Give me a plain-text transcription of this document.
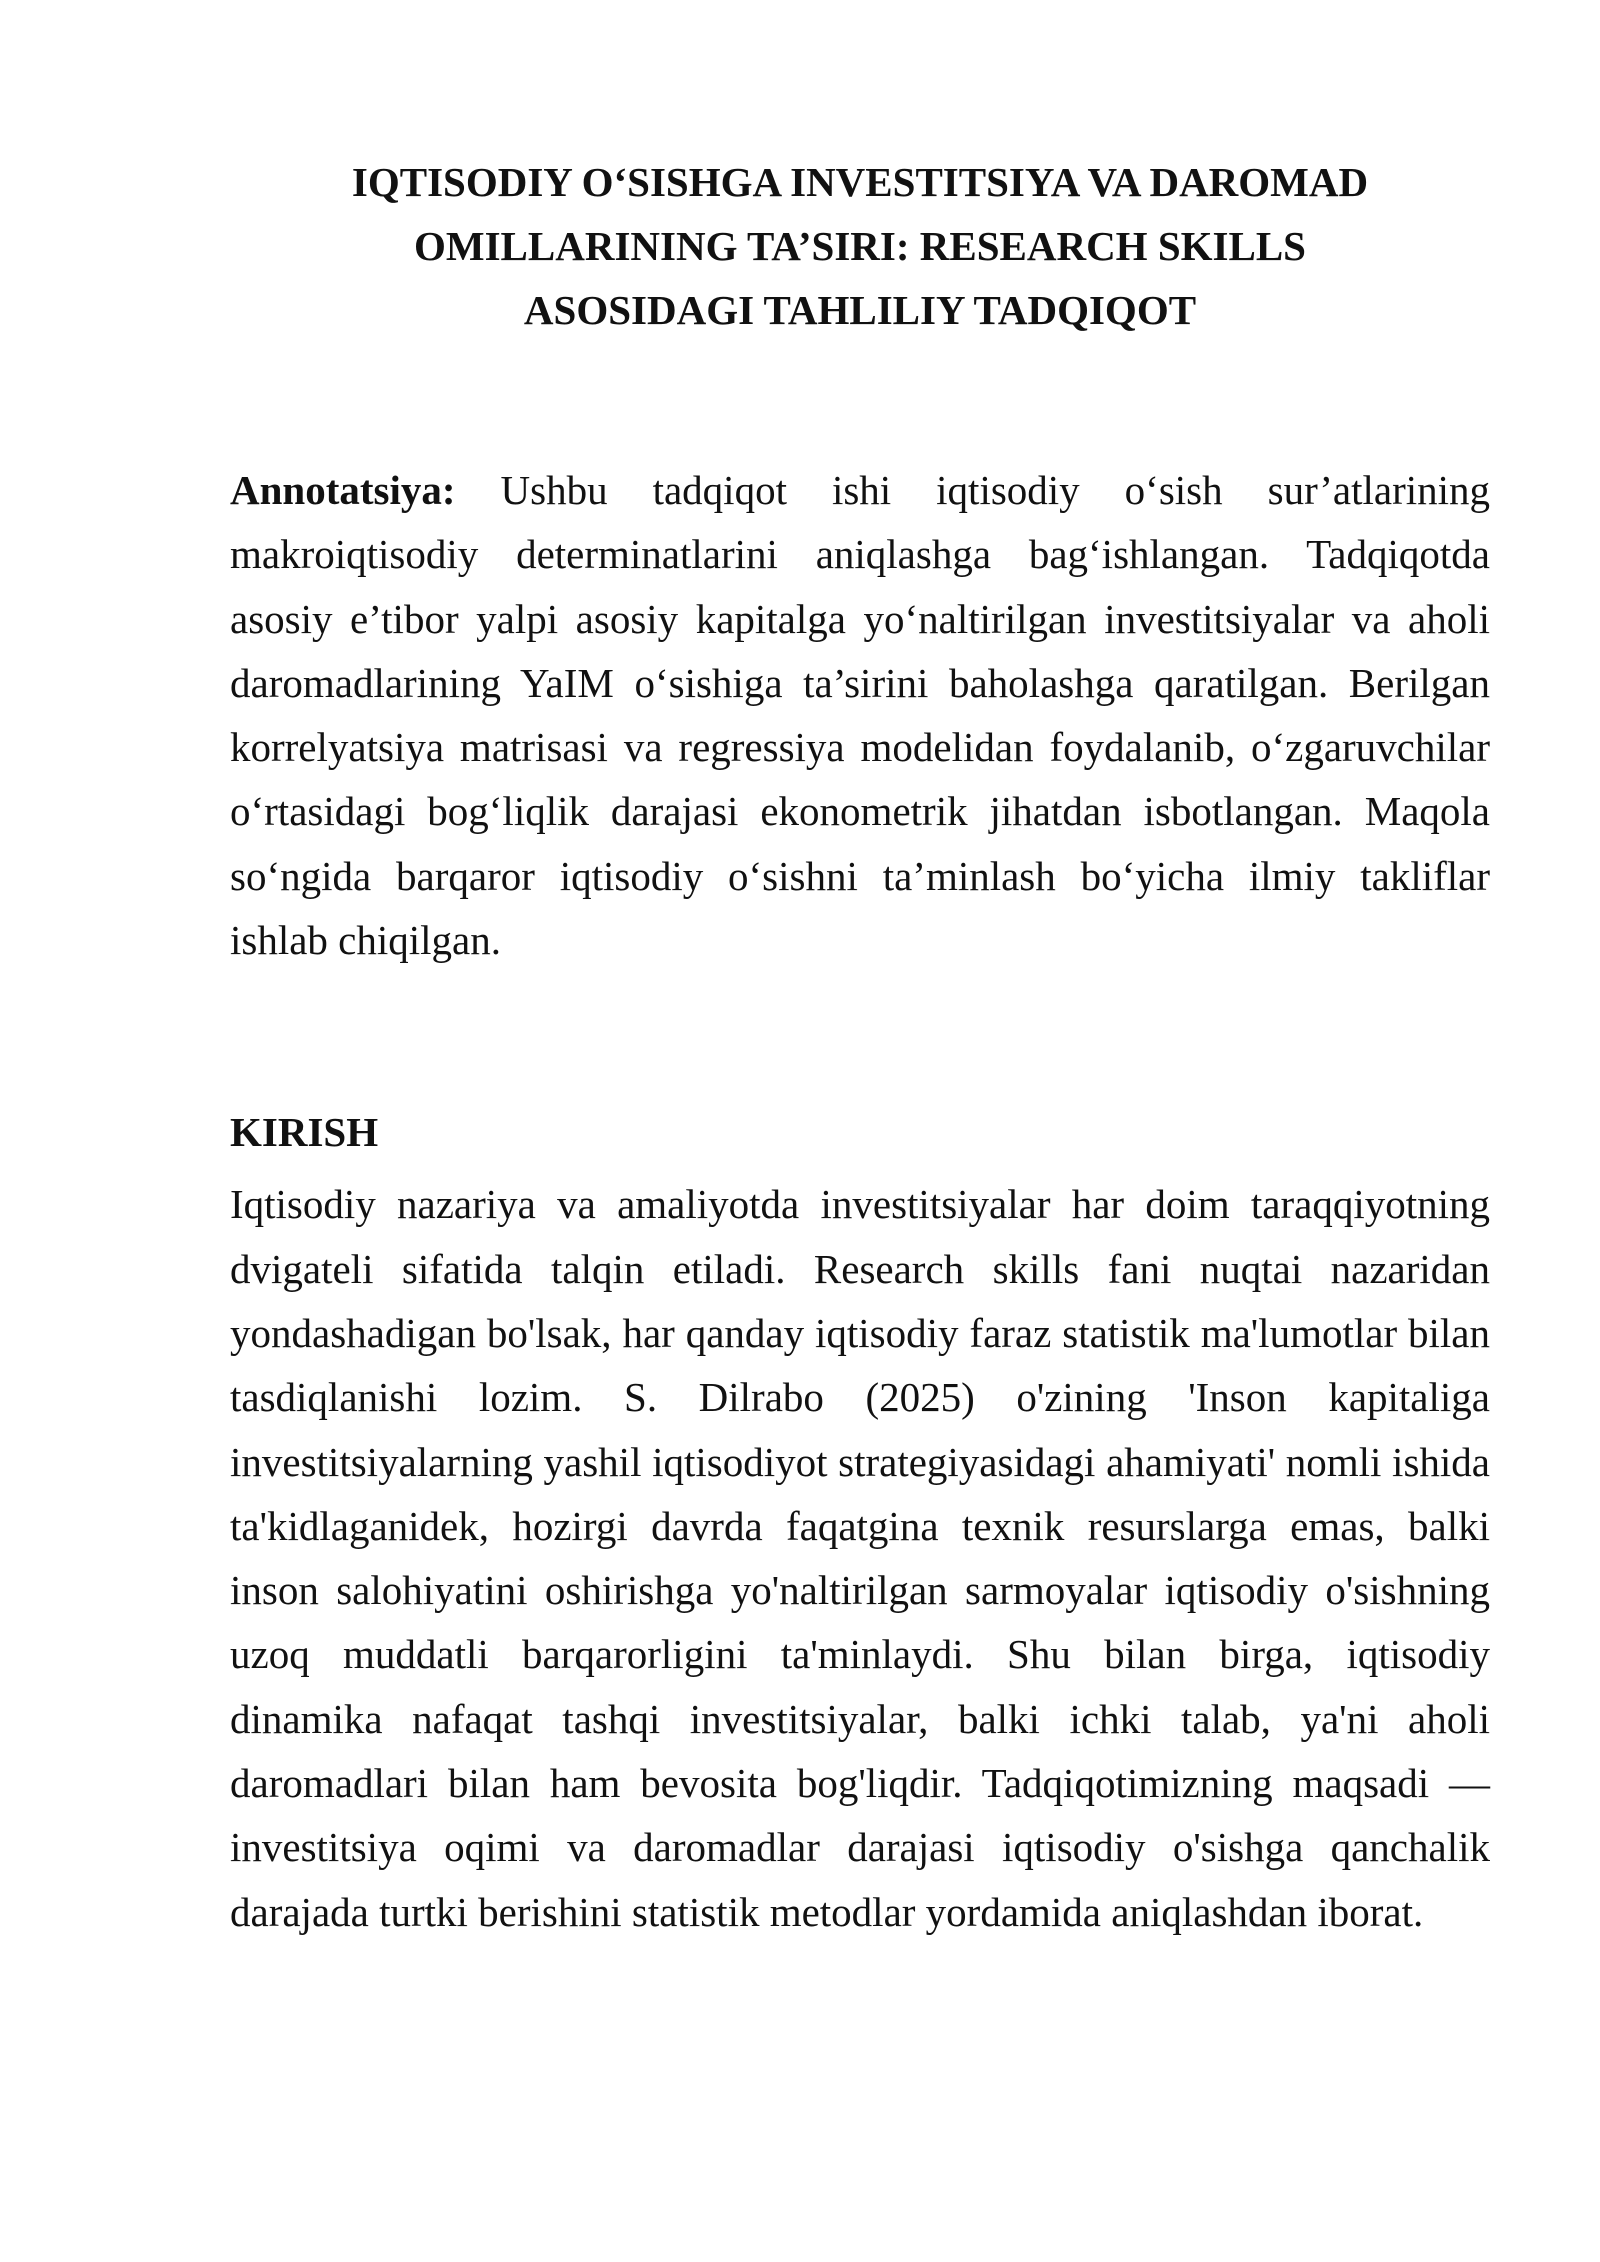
IQTISODIY O‘SISHGA INVESTITSIYA VA DAROMAD
OMILLARINING TA’SIRI: RESEARCH SKILLS
ASOSIDAGI TAHLILIY TADQIQOT

Annotatsiya: Ushbu tadqiqot ishi iqtisodiy o‘sish sur’atlarining makroiqtisodiy determinatlarini aniqlashga bag‘ishlangan. Tadqiqotda asosiy e’tibor yalpi asosiy kapitalga yo‘naltirilgan investitsiyalar va aholi daromadlarining YaIM o‘sishiga ta’sirini baholashga qaratilgan. Berilgan korrelyatsiya matrisasi va regressiya modelidan foydalanib, o‘zgaruvchilar o‘rtasidagi bog‘liqlik darajasi ekonometrik jihatdan isbotlangan. Maqola so‘ngida barqaror iqtisodiy o‘sishni ta’minlash bo‘yicha ilmiy takliflar ishlab chiqilgan.

KIRISH

Iqtisodiy nazariya va amaliyotda investitsiyalar har doim taraqqiyotning dvigateli sifatida talqin etiladi. Research skills fani nuqtai nazaridan yondashadigan bo'lsak, har qanday iqtisodiy faraz statistik ma'lumotlar bilan tasdiqlanishi lozim. S. Dilrabo (2025) o'zining 'Inson kapitaliga investitsiyalarning yashil iqtisodiyot strategiyasidagi ahamiyati' nomli ishida ta'kidlaganidek, hozirgi davrda faqatgina texnik resurslarga emas, balki inson salohiyatini oshirishga yo'naltirilgan sarmoyalar iqtisodiy o'sishning uzoq muddatli barqarorligini ta'minlaydi. Shu bilan birga, iqtisodiy dinamika nafaqat tashqi investitsiyalar, balki ichki talab, ya'ni aholi daromadlari bilan ham bevosita bog'liqdir. Tadqiqotimizning maqsadi — investitsiya oqimi va daromadlar darajasi iqtisodiy o'sishga qanchalik darajada turtki berishini statistik metodlar yordamida aniqlashdan iborat.
